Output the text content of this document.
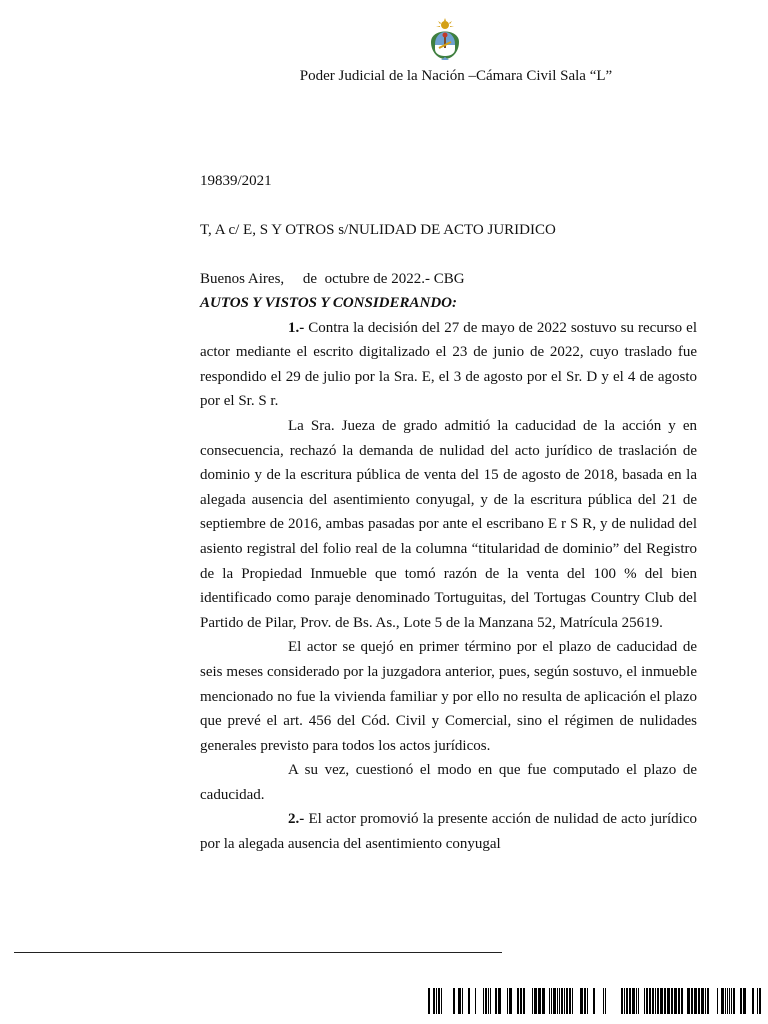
Poder Judicial de la Nación –Cámara Civil Sala “L”
19839/2021
T, A c/ E, S Y OTROS s/NULIDAD DE ACTO JURIDICO
Buenos Aires,     de  octubre de 2022.- CBG

AUTOS Y VISTOS Y CONSIDERANDO:

1.- Contra la decisión del 27 de mayo de 2022 sostuvo su recurso el actor mediante el escrito digitalizado el 23 de junio de 2022, cuyo traslado fue respondido el 29 de julio por la Sra. E, el 3 de agosto por el Sr. D y el 4 de agosto por el Sr. S r.

La Sra. Jueza de grado admitió la caducidad de la acción y en consecuencia, rechazó la demanda de nulidad del acto jurídico de traslación de dominio y de la escritura pública de venta del 15 de agosto de 2018, basada en la alegada ausencia del asentimiento conyugal, y de la escritura pública del 21 de septiembre de 2016, ambas pasadas por ante el escribano E r S R, y de nulidad del asiento registral del folio real de la columna “titularidad de dominio” del Registro de la Propiedad Inmueble que tomó razón de la venta del 100 % del bien identificado como paraje denominado Tortuguitas, del Tortugas Country Club del Partido de Pilar, Prov. de Bs. As., Lote 5 de la Manzana 52, Matrícula 25619.

El actor se quejó en primer término por el plazo de caducidad de seis meses considerado por la juzgadora anterior, pues, según sostuvo, el inmueble mencionado no fue la vivienda familiar y por ello no resulta de aplicación el plazo que prevé el art. 456 del Cód. Civil y Comercial, sino el régimen de nulidades generales previsto para todos los actos jurídicos.

A su vez, cuestionó el modo en que fue computado el plazo de caducidad.

2.- El actor promovió la presente acción de nulidad de acto jurídico por la alegada ausencia del asentimiento conyugal
